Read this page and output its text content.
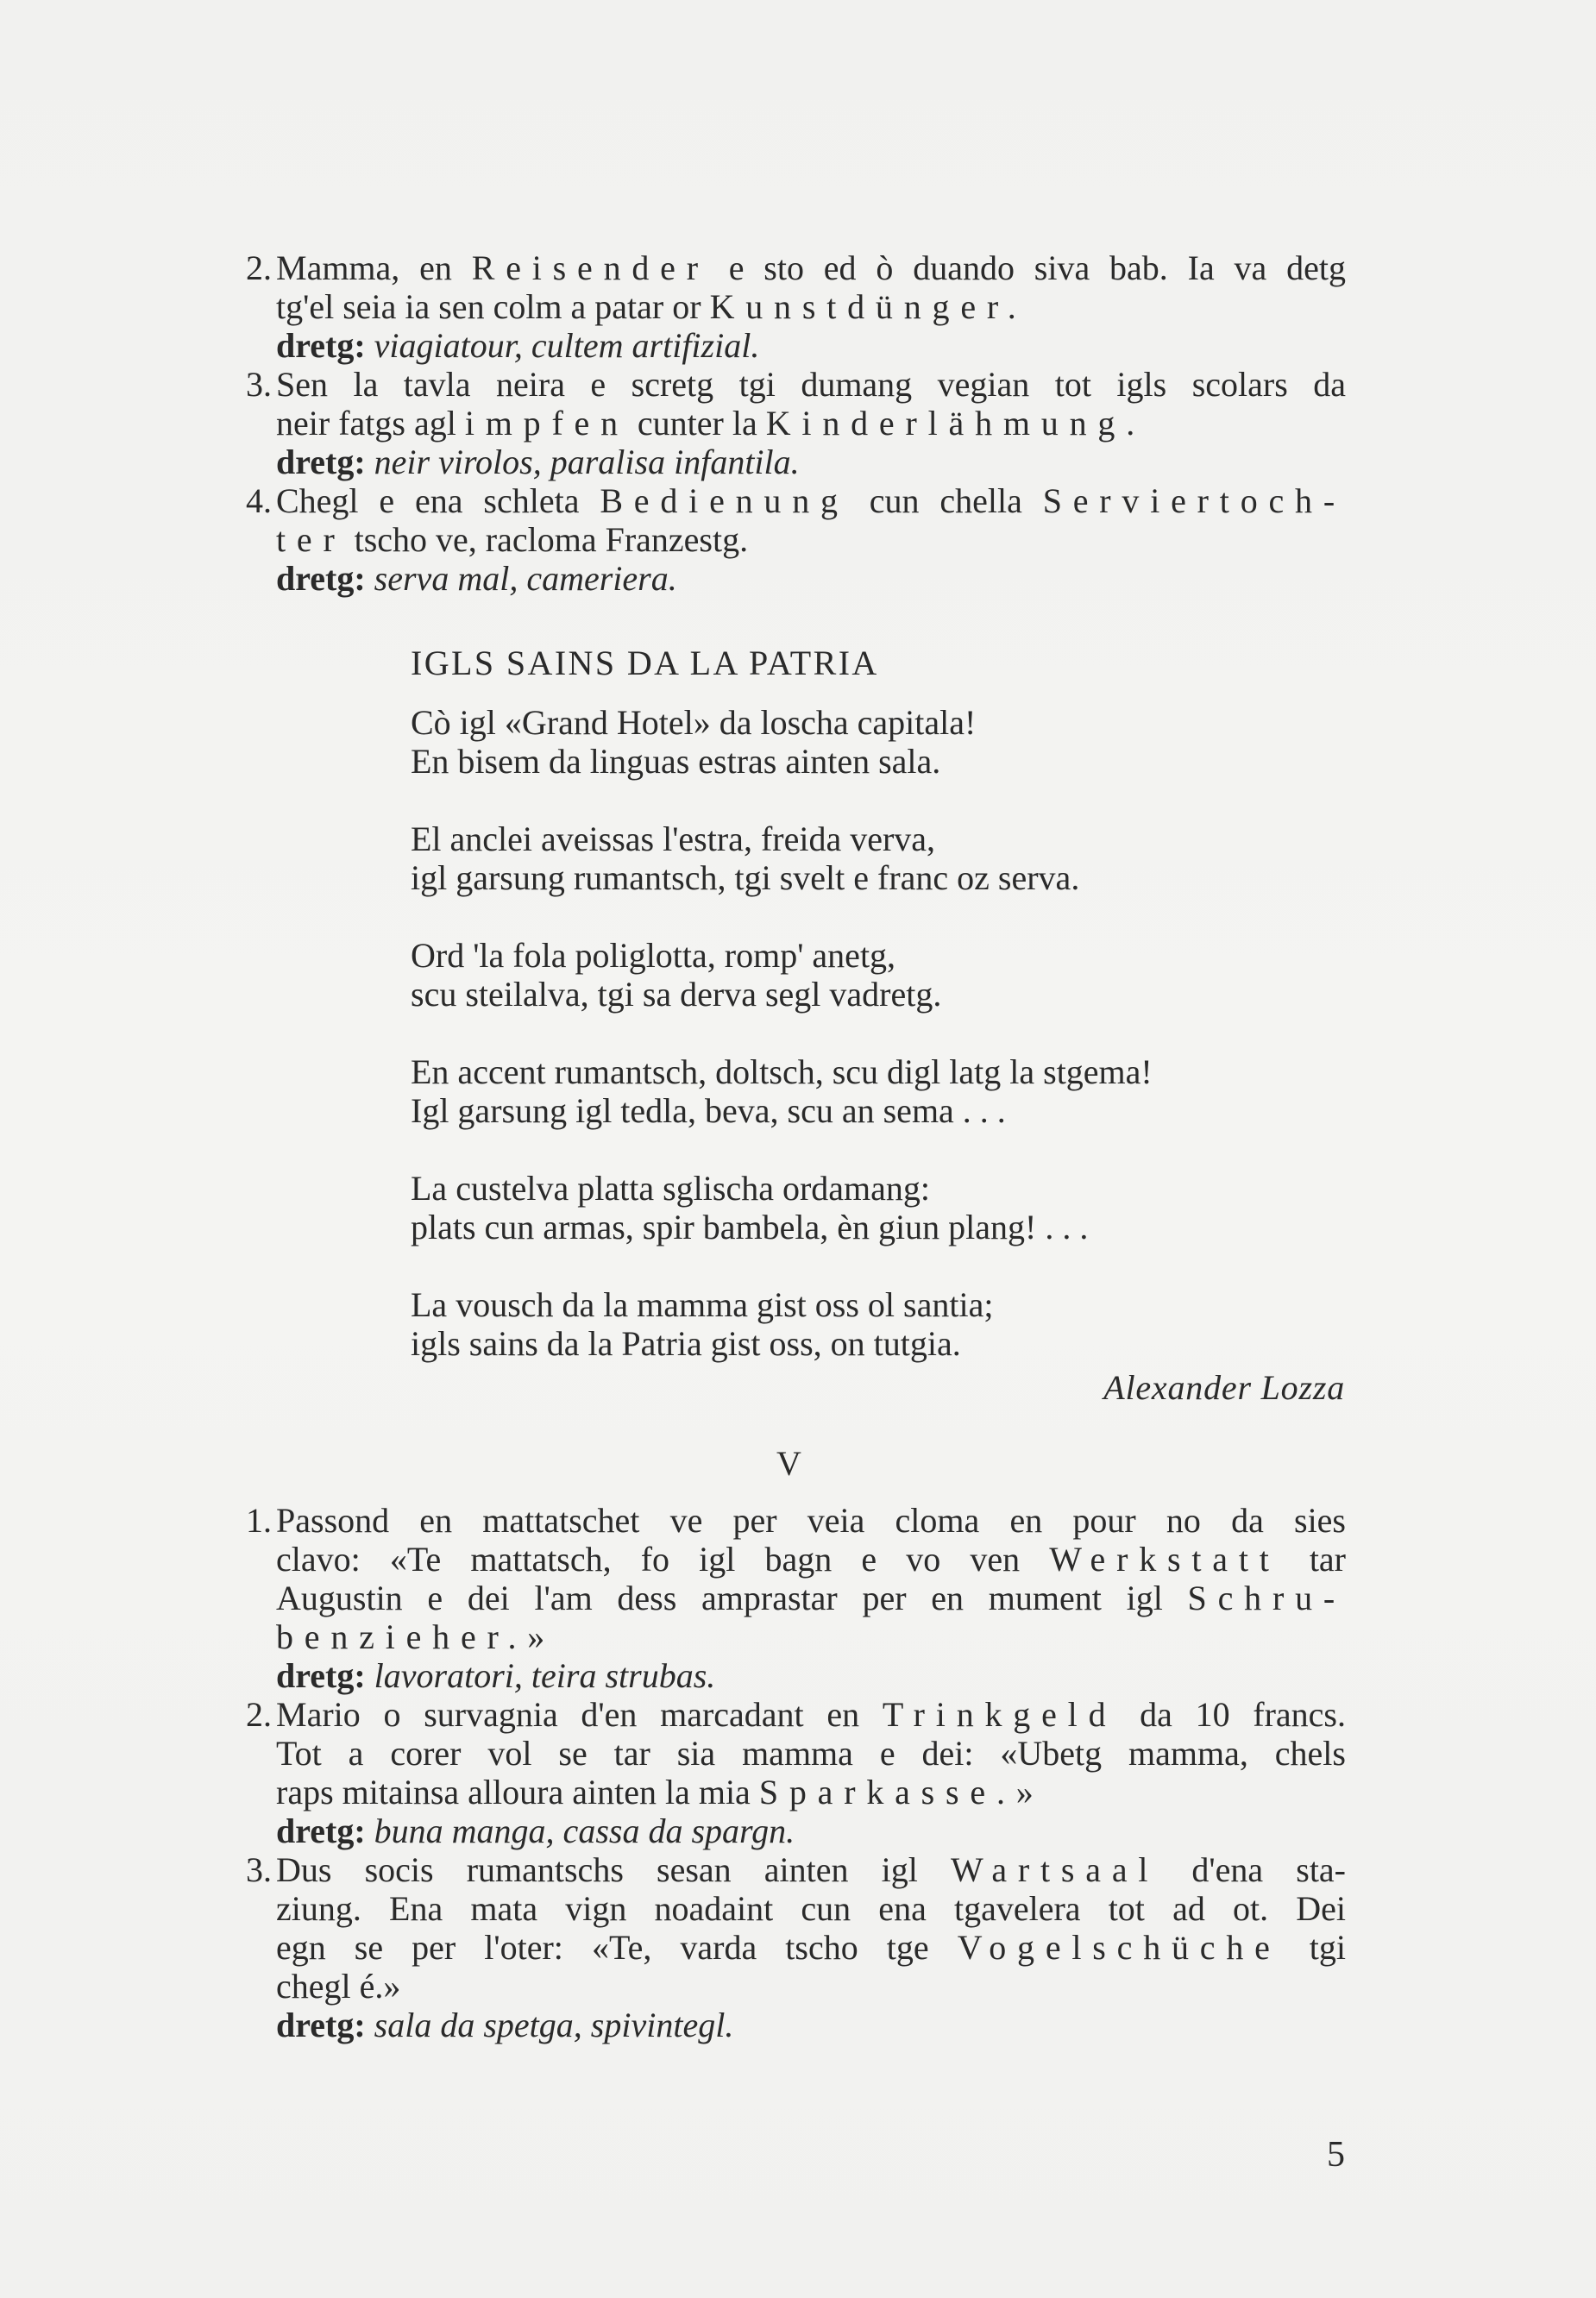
2. Mamma, en Reisender e sto ed ò duando siva bab. Ia va detg
tg'el seia ia sen colm a patar or Kunstdünger.
dretg: viagiatour, cultem artifizial.
3. Sen la tavla neira e scretg tgi dumang vegian tot igls scolars da
neir fatgs agl impfen cunter la Kinderlähmung.
dretg: neir virolos, paralisa infantila.
4. Chegl e ena schleta Bedienung cun chella Serviertoch-
ter tscho ve, racloma Franzestg.
dretg: serva mal, cameriera.
IGLS SAINS DA LA PATRIA
Cò igl «Grand Hotel» da loscha capitala!
En bisem da linguas estras ainten sala.
El anclei aveissas l'estra, freida verva,
igl garsung rumantsch, tgi svelt e franc oz serva.
Ord 'la fola poliglotta, romp' anetg,
scu steilalva, tgi sa derva segl vadretg.
En accent rumantsch, doltsch, scu digl latg la stgema!
Igl garsung igl tedla, beva, scu an sema . . .
La custelva platta sglischa ordamang:
plats cun armas, spir bambela, èn giun plang! . . .
La vousch da la mamma gist oss ol santia;
igls sains da la Patria gist oss, on tutgia.
Alexander Lozza
V
1. Passond en mattatschet ve per veia cloma en pour no da sies
clavo: «Te mattatsch, fo igl bagn e vo ven Werkstatt tar
Augustin e dei l'am dess amprastar per en mument igl Schru-
benzieher.»
dretg: lavoratori, teira strubas.
2. Mario o survagnia d'en marcadant en Trinkgeld da 10 francs.
Tot a corer vol se tar sia mamma e dei: «Ubetg mamma, chels
raps mitainsa alloura ainten la mia Sparkasse.»
dretg: buna manga, cassa da spargn.
3. Dus socis rumantschs sesan ainten igl Wartsaal d'ena sta-
ziung. Ena mata vign noadaint cun ena tgavelera tot ad ot. Dei
egn se per l'oter: «Te, varda tscho tge Vogelschüche tgi
chegl é.»
dretg: sala da spetga, spivintegl.
5
